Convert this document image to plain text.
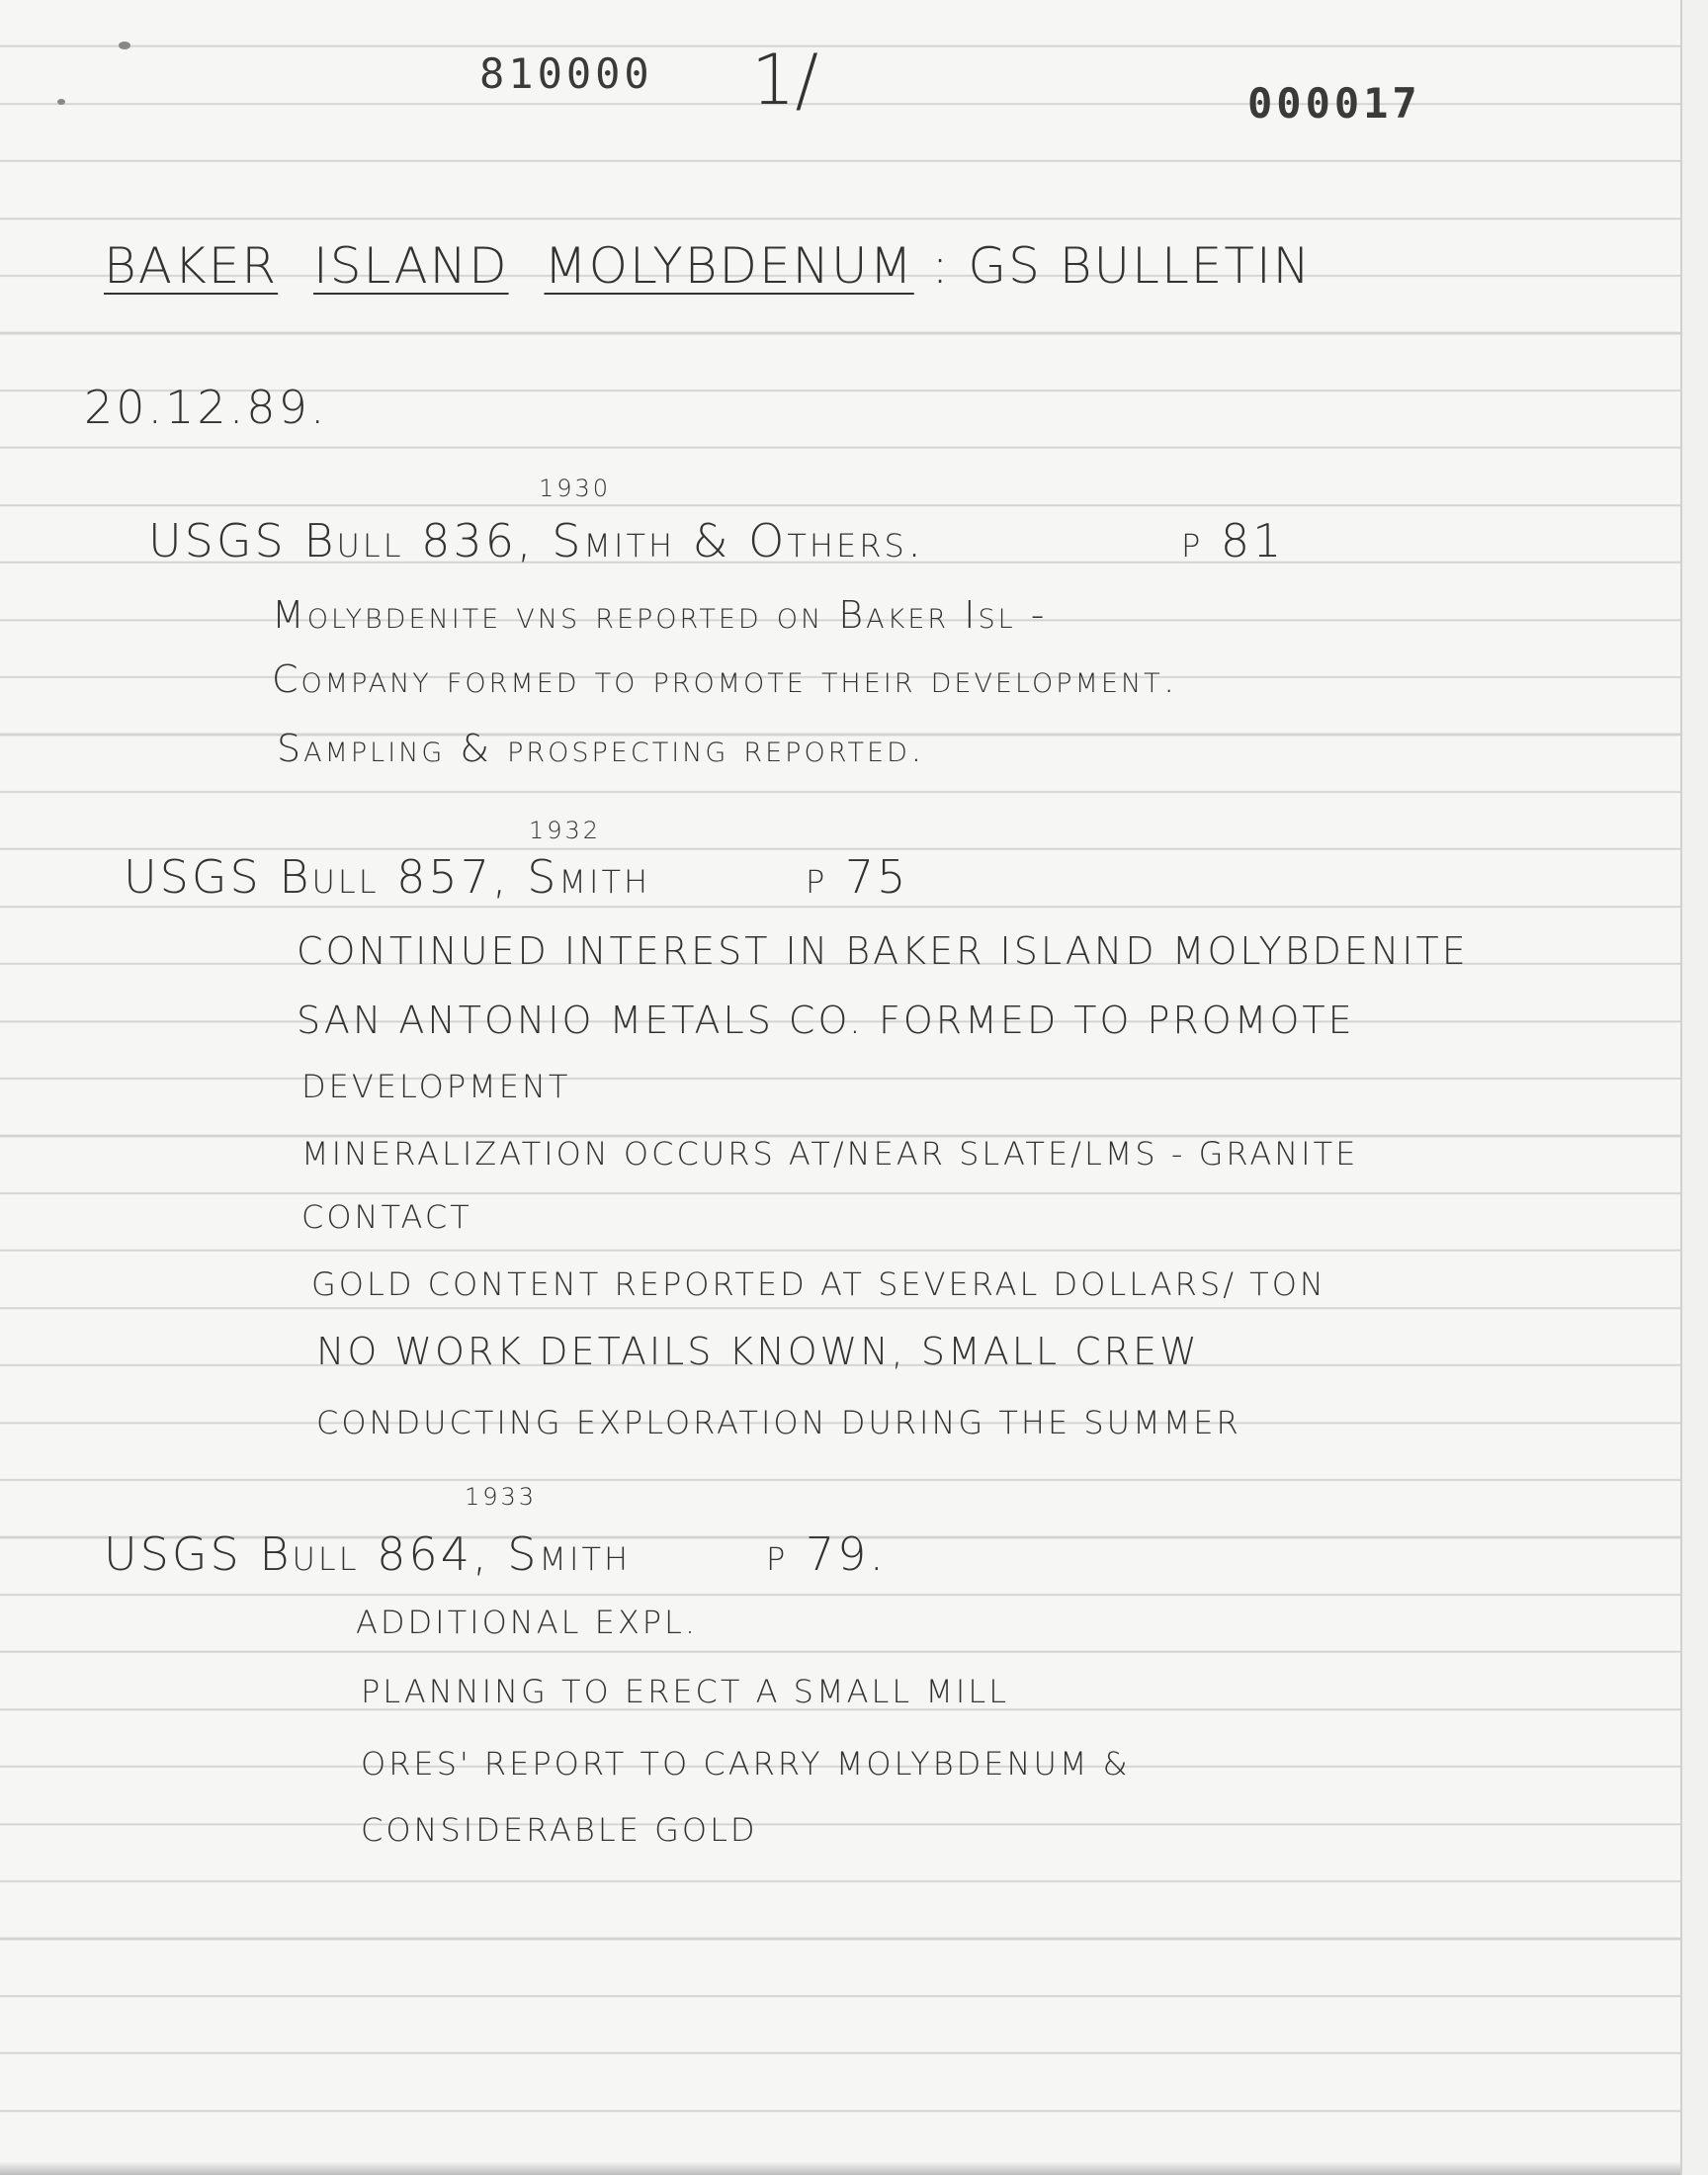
810000 1/	000017
BAKER ISLAND MOLYBDENUM : GS BULLETIN
20.12.89.
1930
USGS Bull 836, Smith & Others.	p 81
Molybdenite vns reported on Baker Isl -
Company formed to promote their development.
Sampling & prospecting reported.
1932
USGS Bull 857, Smith	p 75
CONTINUED INTEREST IN BAKER ISLAND MOLYBDENITE
SAN ANTONIO METALS CO. FORMED TO PROMOTE
DEVELOPMENT
MINERALIZATION OCCURS AT/NEAR SLATE/LMS - GRANITE
CONTACT
GOLD CONTENT REPORTED AT SEVERAL DOLLARS/ TON
NO WORK DETAILS KNOWN, SMALL CREW
CONDUCTING EXPLORATION DURING THE SUMMER
1933
USGS Bull 864, Smith	p 79.
ADDITIONAL EXPL.
PLANNING TO ERECT A SMALL MILL
ORES' REPORT TO CARRY MOLYBDENUM &
CONSIDERABLE GOLD
